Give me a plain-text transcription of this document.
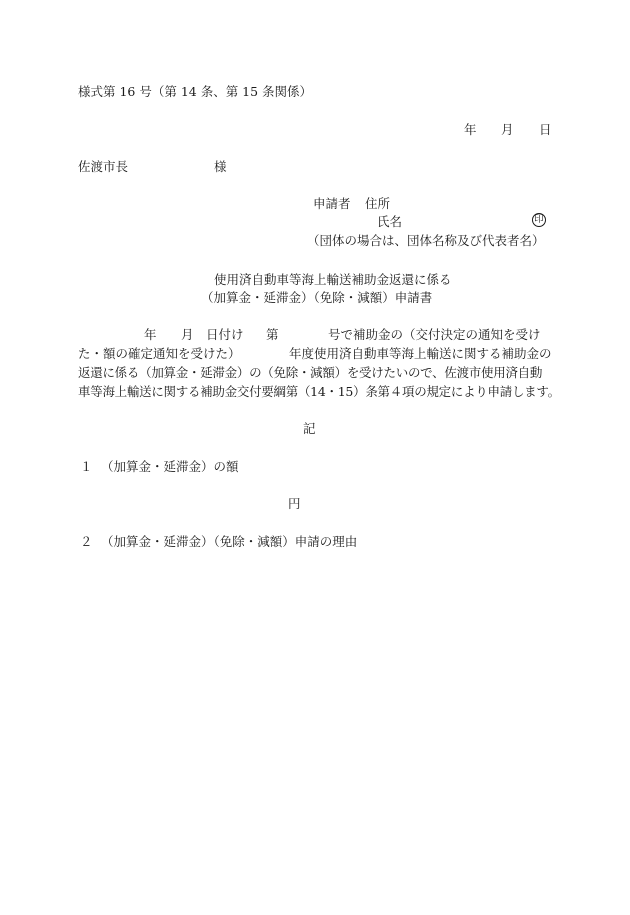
様式第 16 号（第 14 条、第 15 条関係）
年 月 日
佐渡市長	様
申請者 住所
氏名	印
（団体の場合は、団体名称及び代表者名）
使用済自動車等海上輸送補助金返還に係る
（加算金・延滞金）（免除・減額）申請書
年 月 日付け 第	号で補助金の（交付決定の通知を受け
た・額の確定通知を受けた）	年度使用済自動車等海上輸送に関する補助金の
返還に係る（加算金・延滞金）の（免除・減額）を受けたいので、佐渡市使用済自動
車等海上輸送に関する補助金交付要綱第（14・15）条第４項の規定により申請します。
記
１ （加算金・延滞金）の額
円
２ （加算金・延滞金）（免除・減額）申請の理由
